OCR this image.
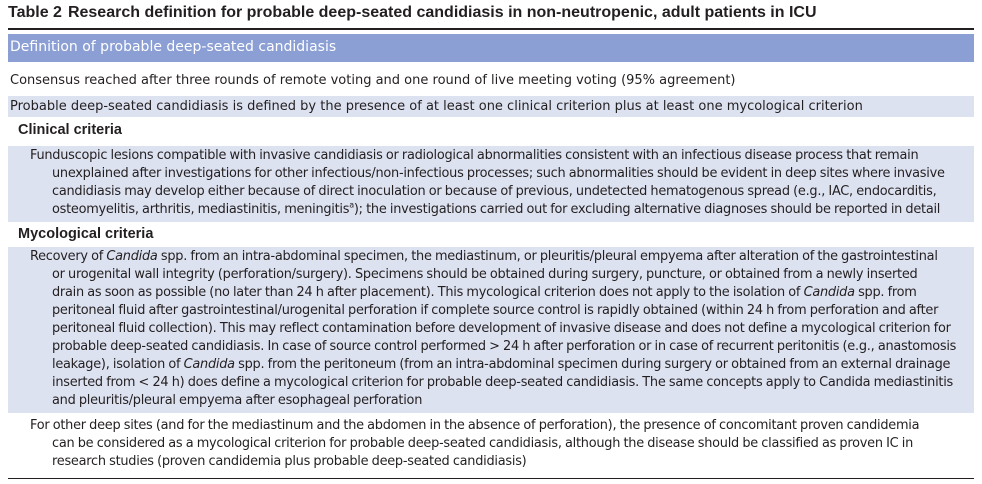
Table 2 Research definition for probable deep-seated candidiasis in non-neutropenic, adult patients in ICU
Definition of probable deep-seated candidiasis
Consensus reached after three rounds of remote voting and one round of live meeting voting (95% agreement)
Probable deep-seated candidiasis is defined by the presence of at least one clinical criterion plus at least one mycological criterion
Clinical criteria
Funduscopic lesions compatible with invasive candidiasis or radiological abnormalities consistent with an infectious disease process that remain unexplained after investigations for other infectious/non-infectious processes; such abnormalities should be evident in deep sites where invasive candidiasis may develop either because of direct inoculation or because of previous, undetected hematogenous spread (e.g., IAC, endocarditis, osteomyelitis, arthritis, mediastinitis, meningitis$^a$); the investigations carried out for excluding alternative diagnoses should be reported in detail
Mycological criteria
Recovery of Candida spp. from an intra-abdominal specimen, the mediastinum, or pleuritis/pleural empyema after alteration of the gastrointestinal or urogenital wall integrity (perforation/surgery). Specimens should be obtained during surgery, puncture, or obtained from a newly inserted drain as soon as possible (no later than 24 h after placement). This mycological criterion does not apply to the isolation of Candida spp. from peritoneal fluid after gastrointestinal/urogenital perforation if complete source control is rapidly obtained (within 24 h from perforation and after peritoneal fluid collection). This may reflect contamination before development of invasive disease and does not define a mycological criterion for probable deep-seated candidiasis. In case of source control performed > 24 h after perforation or in case of recurrent peritonitis (e.g., anastomosis leakage), isolation of Candida spp. from the peritoneum (from an intra-abdominal specimen during surgery or obtained from an external drainage inserted from < 24 h) does define a mycological criterion for probable deep-seated candidiasis. The same concepts apply to Candida mediastinitis and pleuritis/pleural empyema after esophageal perforation
For other deep sites (and for the mediastinum and the abdomen in the absence of perforation), the presence of concomitant proven candidemia can be considered as a mycological criterion for probable deep-seated candidiasis, although the disease should be classified as proven IC in research studies (proven candidemia plus probable deep-seated candidiasis)
